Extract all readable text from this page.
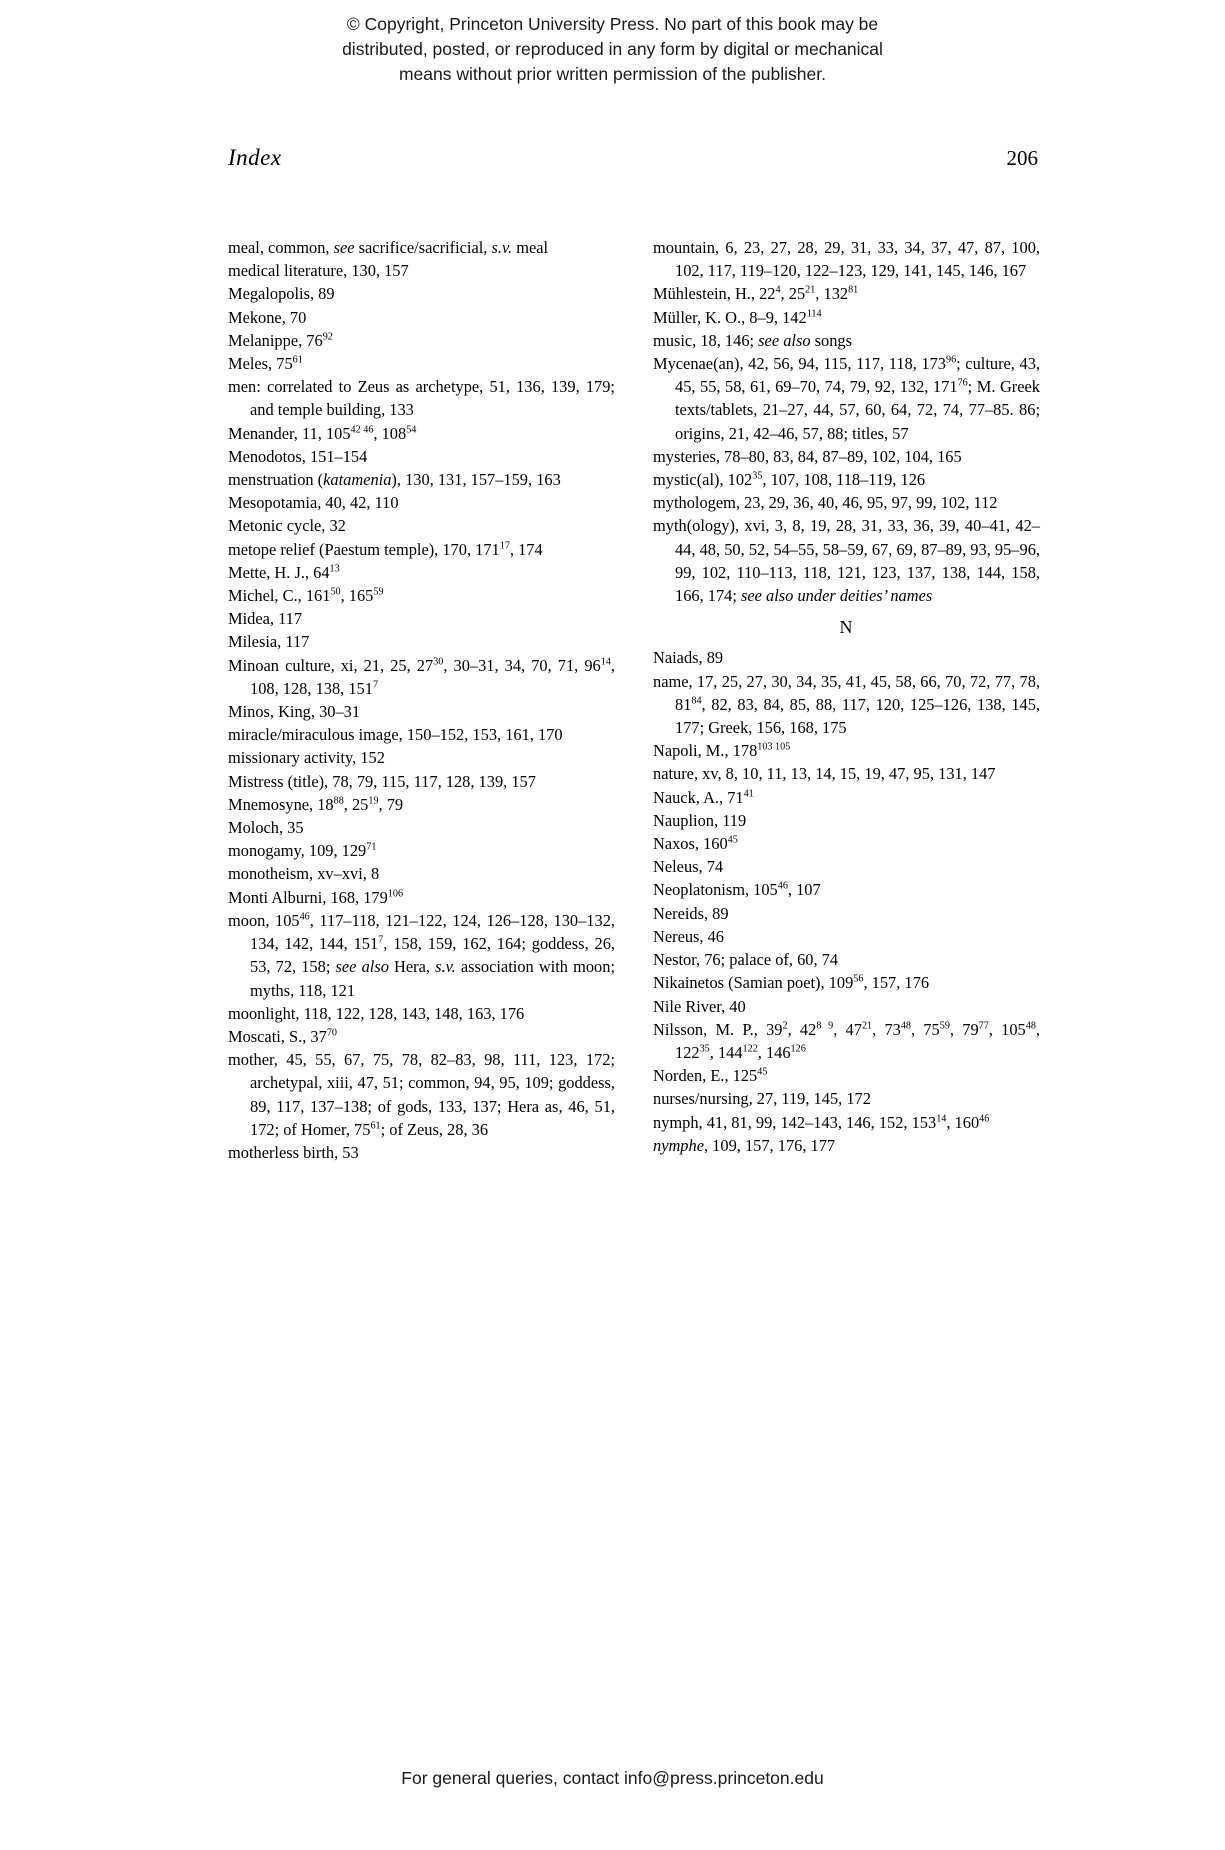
© Copyright, Princeton University Press. No part of this book may be
distributed, posted, or reproduced in any form by digital or mechanical
means without prior written permission of the publisher.
Index	206

meal, common, see sacrifice/sacrificial, s.v. meal

medical literature, 130, 157

Megalopolis, 89

Mekone, 70

Melanippe, $76^{92}$

Meles, $75^{61}$

men: correlated to Zeus as archetype, 51, 136, 139, 179; and temple building, 133

Menander, 11, $105^{42 46}$, $108^{54}$

Menodotos, 151–154

menstruation (katamenia), 130, 131, 157–159, 163

Mesopotamia, 40, 42, 110

Metonic cycle, 32

metope relief (Paestum temple), 170, $171^{17}$, 174

Mette, H. J., $64^{13}$

Michel, C., $161^{50}$, $165^{59}$

Midea, 117

Milesia, 117

Minoan culture, xi, 21, 25, $27^{30}$, 30–31, 34, 70, 71, $96^{14}$, 108, 128, 138, $151^7$

Minos, King, 30–31

miracle/miraculous image, 150–152, 153, 161, 170

missionary activity, 152

Mistress (title), 78, 79, 115, 117, 128, 139, 157

Mnemosyne, $18^{88}$, $25^{19}$, 79

Moloch, 35

monogamy, 109, $129^{71}$

monotheism, xv–xvi, 8

Monti Alburni, 168, $179^{106}$

moon, $105^{46}$, 117–118, 121–122, 124, 126–128, 130–132, 134, 142, 144, $151^7$, 158, 159, 162, 164; goddess, 26, 53, 72, 158; see also Hera, s.v. association with moon; myths, 118, 121

moonlight, 118, 122, 128, 143, 148, 163, 176

Moscati, S., $37^{70}$

mother, 45, 55, 67, 75, 78, 82–83, 98, 111, 123, 172; archetypal, xiii, 47, 51; common, 94, 95, 109; goddess, 89, 117, 137–138; of gods, 133, 137; Hera as, 46, 51, 172; of Homer, $75^{61}$; of Zeus, 28, 36

motherless birth, 53

mountain, 6, 23, 27, 28, 29, 31, 33, 34, 37, 47, 87, 100, 102, 117, 119–120, 122–123, 129, 141, 145, 146, 167

Mühlestein, H., $22^4$, $25^{21}$, $132^{81}$

Müller, K. O., 8–9, $142^{114}$

music, 18, 146; see also songs

Mycenae(an), 42, 56, 94, 115, 117, 118, $173^{96}$; culture, 43, 45, 55, 58, 61, 69–70, 74, 79, 92, 132, $171^{76}$; M. Greek texts/tablets, 21–27, 44, 57, 60, 64, 72, 74, 77–85. 86; origins, 21, 42–46, 57, 88; titles, 57

mysteries, 78–80, 83, 84, 87–89, 102, 104, 165

mystic(al), $102^{35}$, 107, 108, 118–119, 126

mythologem, 23, 29, 36, 40, 46, 95, 97, 99, 102, 112

myth(ology), xvi, 3, 8, 19, 28, 31, 33, 36, 39, 40–41, 42–44, 48, 50, 52, 54–55, 58–59, 67, 69, 87–89, 93, 95–96, 99, 102, 110–113, 118, 121, 123, 137, 138, 144, 158, 166, 174; see also under deities’ names

N

Naiads, 89

name, 17, 25, 27, 30, 34, 35, 41, 45, 58, 66, 70, 72, 77, 78, $81^{84}$, 82, 83, 84, 85, 88, 117, 120, 125–126, 138, 145, 177; Greek, 156, 168, 175

Napoli, M., $178^{103 105}$

nature, xv, 8, 10, 11, 13, 14, 15, 19, 47, 95, 131, 147

Nauck, A., $71^{41}$

Nauplion, 119

Naxos, $160^{45}$

Neleus, 74

Neoplatonism, $105^{46}$, 107

Nereids, 89

Nereus, 46

Nestor, 76; palace of, 60, 74

Nikainetos (Samian poet), $109^{56}$, 157, 176

Nile River, 40

Nilsson, M. P., $39^2$, $42^{8 9}$, $47^{21}$, $73^{48}$, $75^{59}$, $79^{77}$, $105^{48}$, $122^{35}$, $144^{122}$, $146^{126}$

Norden, E., $125^{45}$

nurses/nursing, 27, 119, 145, 172

nymph, 41, 81, 99, 142–143, 146, 152, $153^{14}$, $160^{46}$

nymphe, 109, 157, 176, 177

For general queries, contact info@press.princeton.edu
